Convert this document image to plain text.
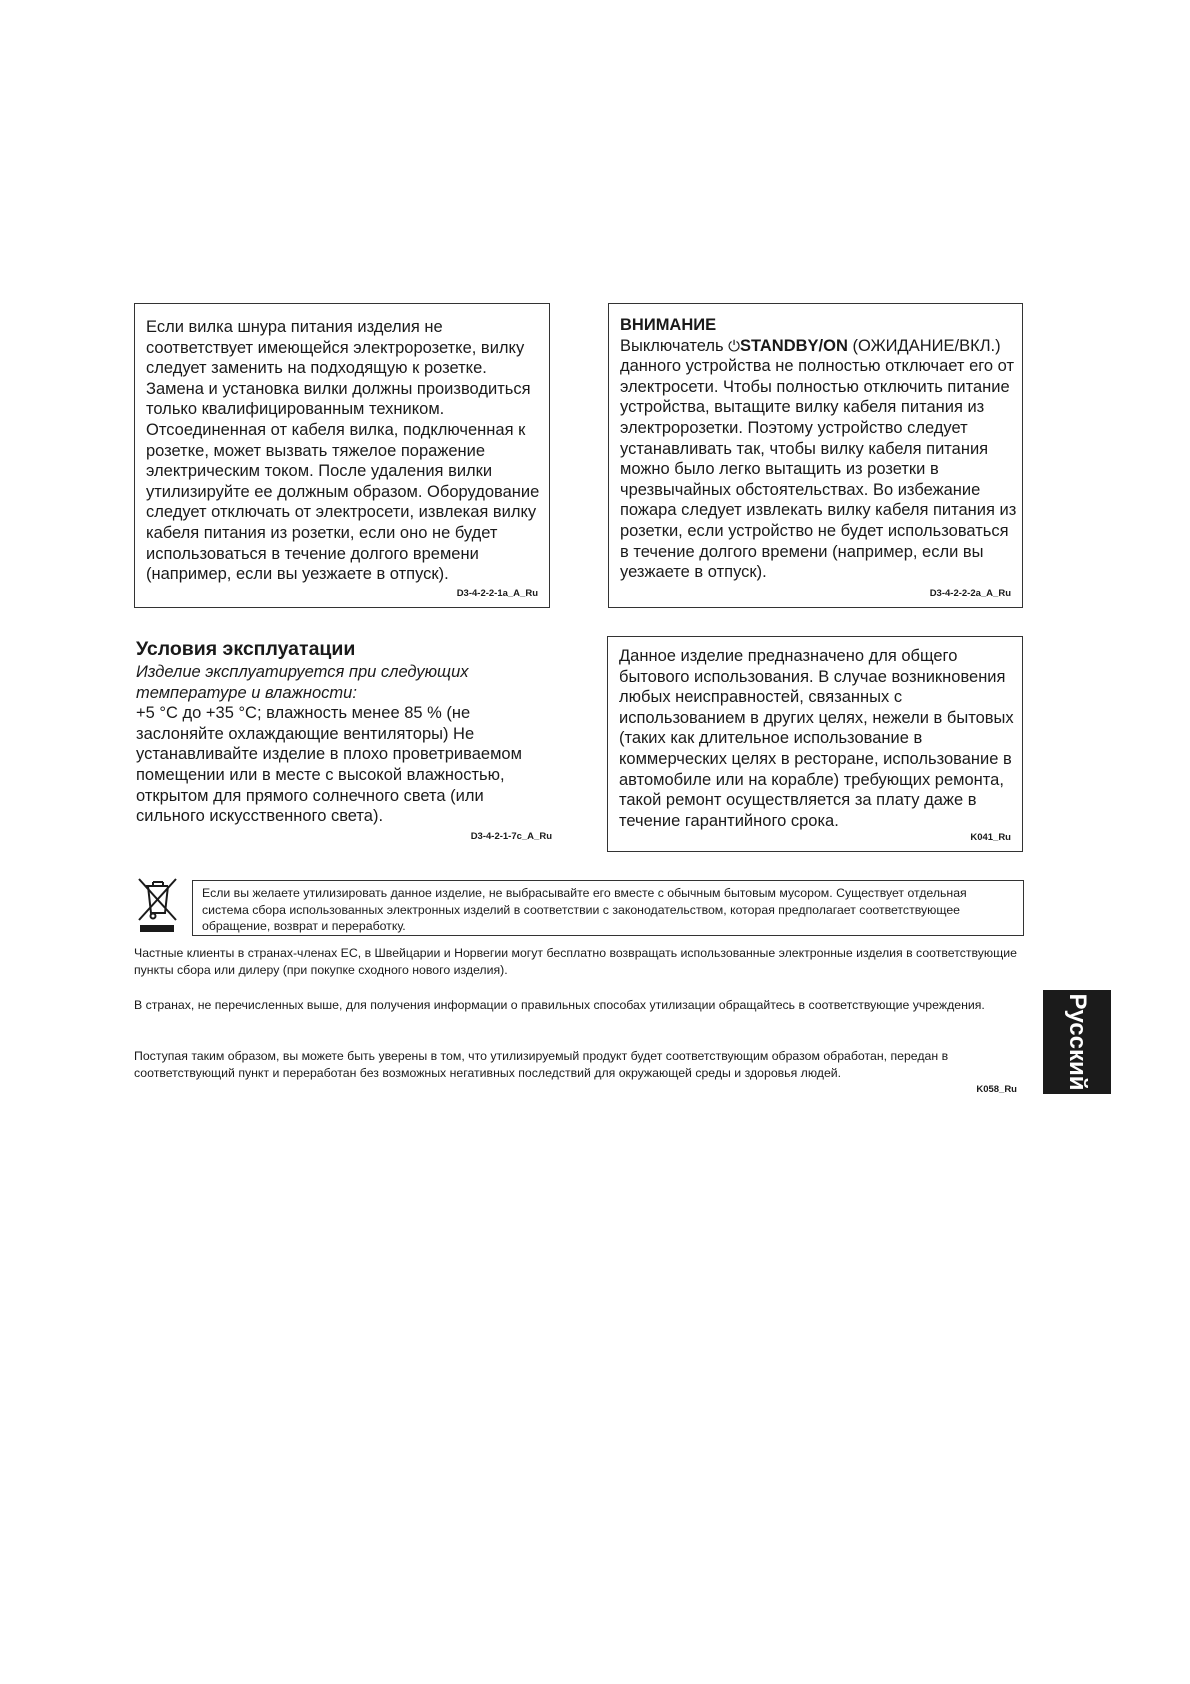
Если вилка шнура питания изделия не соответствует имеющейся электророзетке, вилку следует заменить на подходящую к розетке. Замена и установка вилки должны производиться только квалифицированным техником. Отсоединенная от кабеля вилка, подключенная к розетке, может вызвать тяжелое поражение электрическим током. После удаления вилки утилизируйте ее должным образом. Оборудование следует отключать от электросети, извлекая вилку кабеля питания из розетки, если оно не будет использоваться в течение долгого времени (например, если вы уезжаете в отпуск).
D3-4-2-2-1a_A_Ru
ВНИМАНИЕ
Выключатель ⏻STANDBY/ON (ОЖИДАНИЕ/ВКЛ.) данного устройства не полностью отключает его от электросети. Чтобы полностью отключить питание устройства, вытащите вилку кабеля питания из электророзетки. Поэтому устройство следует устанавливать так, чтобы вилку кабеля питания можно было легко вытащить из розетки в чрезвычайных обстоятельствах. Во избежание пожара следует извлекать вилку кабеля питания из розетки, если устройство не будет использоваться в течение долгого времени (например, если вы уезжаете в отпуск).
D3-4-2-2-2a_A_Ru
Условия эксплуатации
Изделие эксплуатируется при следующих температуре и влажности:
+5 °C до +35 °C; влажность менее 85 % (не заслоняйте охлаждающие вентиляторы) Не устанавливайте изделие в плохо проветриваемом помещении или в месте с высокой влажностью, открытом для прямого солнечного света (или сильного искусственного света).
D3-4-2-1-7c_A_Ru
Данное изделие предназначено для общего бытового использования. В случае возникновения любых неисправностей, связанных с использованием в других целях, нежели в бытовых (таких как длительное использование в коммерческих целях в ресторане, использование в автомобиле или на корабле) требующих ремонта, такой ремонт осуществляется за плату даже в течение гарантийного срока.
K041_Ru
Если вы желаете утилизировать данное изделие, не выбрасывайте его вместе с обычным бытовым мусором. Существует отдельная система сбора использованных электронных изделий в соответствии с законодательством, которая предполагает соответствующее обращение, возврат и переработку.
Частные клиенты в странах-членах ЕС, в Швейцарии и Норвегии могут бесплатно возвращать использованные электронные изделия в соответствующие пункты сбора или дилеру (при покупке сходного нового изделия).
В странах, не перечисленных выше, для получения информации о правильных способах утилизации обращайтесь в соответствующие учреждения.
Поступая таким образом, вы можете быть уверены в том, что утилизируемый продукт будет соответствующим образом обработан, передан в соответствующий пункт и переработан без возможных негативных последствий для окружающей среды и здоровья людей.
K058_Ru Русский
